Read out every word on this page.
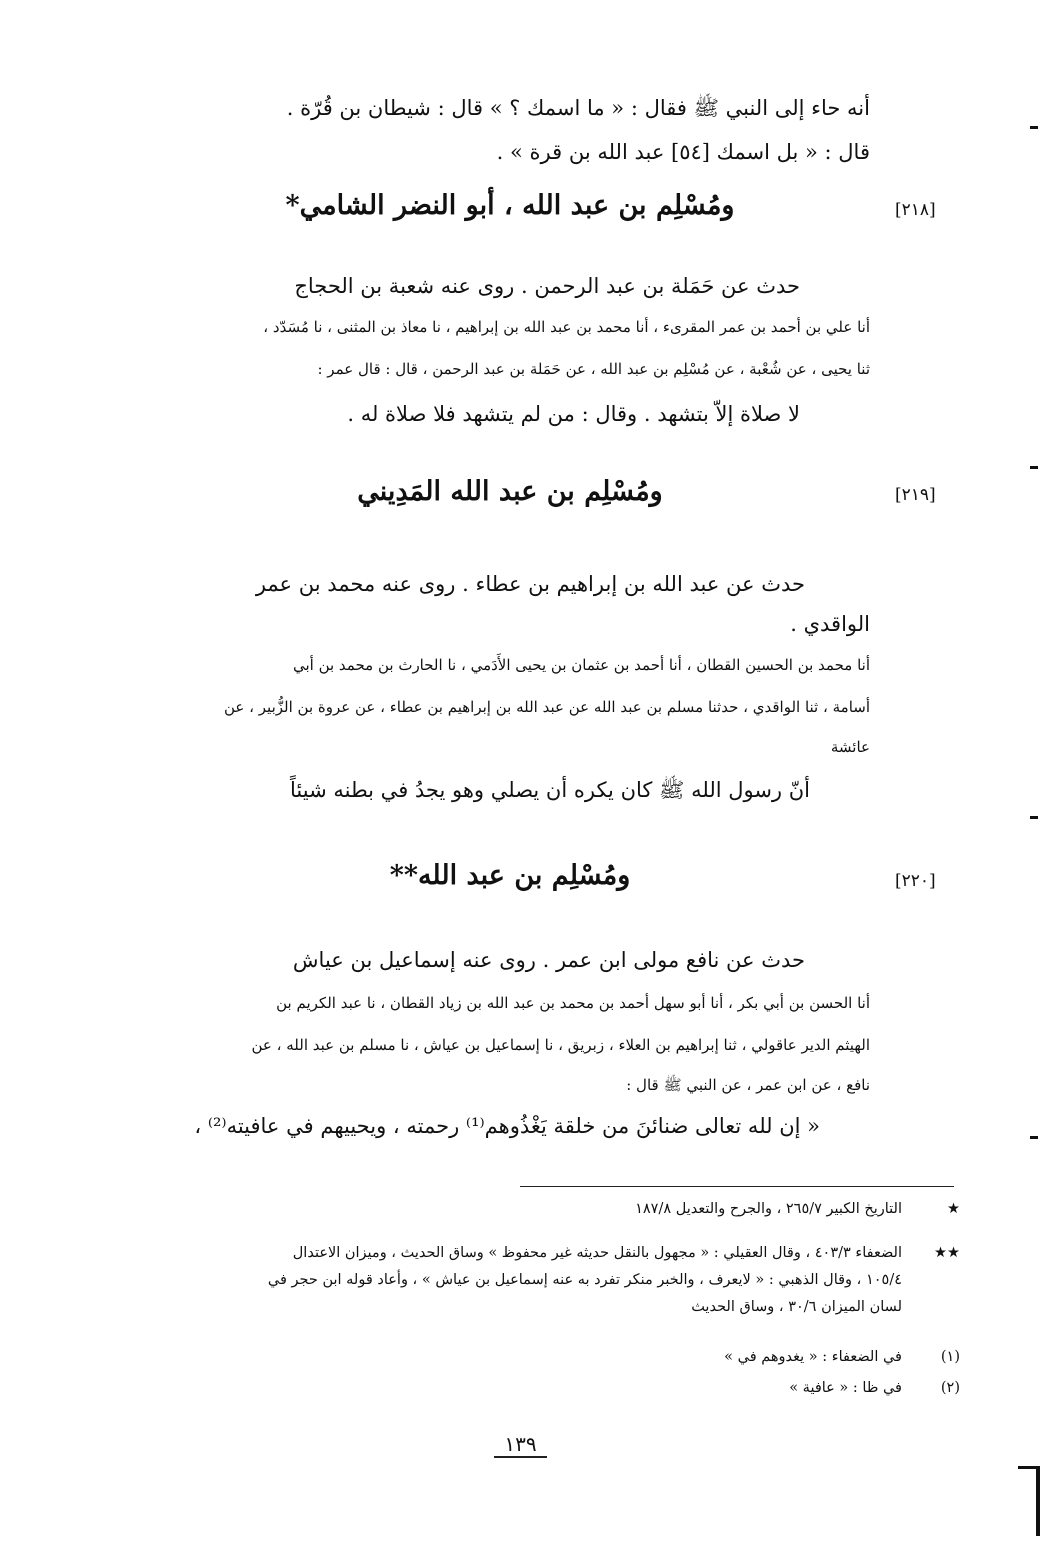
أنه حاء إلى النبي ﷺ فقال : « ما اسمك ؟ » قال : شيطان بن قُرّة .
قال : « بل اسمك [٥٤] عبد الله بن قرة » .
[٢١٨]
ومُسْلِم بن عبد الله ، أبو النضر الشامي*
حدث عن حَمَلة بن عبد الرحمن . روى عنه شعبة بن الحجاج
أنا علي بن أحمد بن عمر المقرىء ، أنا محمد بن عبد الله بن إبراهيم ، نا معاذ بن المثنى ، نا مُسَدّد ،
ثنا يحيى ، عن شُعْبة ، عن مُسْلِم بن عبد الله ، عن حَمَلة بن عبد الرحمن ، قال : قال عمر :
لا صلاة إلاّ بتشهد . وقال : من لم يتشهد فلا صلاة له .
[٢١٩]
ومُسْلِم بن عبد الله المَدِيني
حدث عن عبد الله بن إبراهيم بن عطاء . روى عنه محمد بن عمر
الواقدي .
أنا محمد بن الحسين القطان ، أنا أحمد بن عثمان بن يحيى الأَدَمي ، نا الحارث بن محمد بن أبي
أسامة ، ثنا الواقدي ، حدثنا مسلم بن عبد الله عن عبد الله بن إبراهيم بن عطاء ، عن عروة بن الزُّبير ، عن
عائشة
أنّ رسول الله ﷺ كان يكره أن يصلي وهو يجدُ في بطنه شيئاً
[٢٢٠]
ومُسْلِم بن عبد الله**
حدث عن نافع مولى ابن عمر . روى عنه إسماعيل بن عياش
أنا الحسن بن أبي بكر ، أنا أبو سهل أحمد بن محمد بن عبد الله بن زياد القطان ، نا عبد الكريم بن
الهيثم الدير عاقولي ، ثنا إبراهيم بن العلاء ، زبريق ، نا إسماعيل بن عياش ، نا مسلم بن عبد الله ، عن
نافع ، عن ابن عمر ، عن النبي ﷺ قال :
« إن لله تعالى ضنائنَ من خلقة يَغْذُوهم⁽¹⁾ رحمته ، ويحييهم في عافيته⁽²⁾ ،
★
التاريخ الكبير ٢٦٥/٧ ، والجرح والتعديل ١٨٧/٨
★★
الضعفاء ٤٠٣/٣ ، وقال العقيلي : « مجهول بالنقل حديثه غير محفوظ » وساق الحديث ، وميزان الاعتدال
١٠٥/٤ ، وقال الذهبي : « لايعرف ، والخبر منكر تفرد به عنه إسماعيل بن عياش » ، وأعاد قوله ابن حجر في
لسان الميزان ٣٠/٦ ، وساق الحديث
(١)
في الضعفاء : « يغدوهم في »
(٢)
في ظا : « عافية »
١٣٩
